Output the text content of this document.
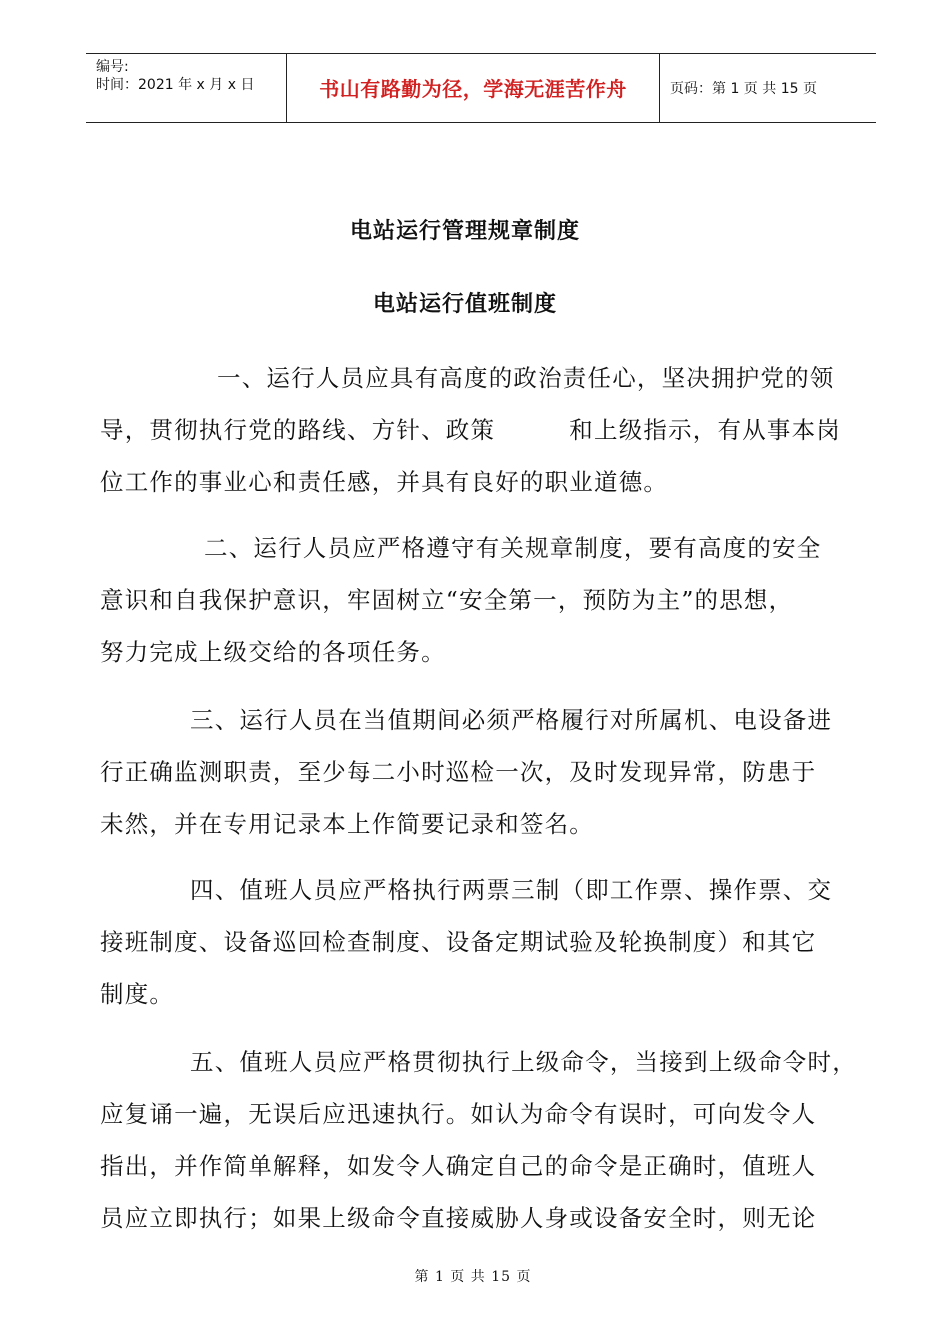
编号:
时间：2021 年 x 月 x 日	书山有路勤为径，学海无涯苦作舟	页码：第 1 页 共 15 页
电站运行管理规章制度
电站运行值班制度
一、运行人员应具有高度的政治责任心，坚决拥护党的领
导，贯彻执行党的路线、方针、政策　　　和上级指示，有从事本岗
位工作的事业心和责任感，并具有良好的职业道德。
二、运行人员应严格遵守有关规章制度，要有高度的安全
意识和自我保护意识，牢固树立“安全第一，预防为主”的思想，
努力完成上级交给的各项任务。
三、运行人员在当值期间必须严格履行对所属机、电设备进
行正确监测职责，至少每二小时巡检一次，及时发现异常，防患于
未然，并在专用记录本上作简要记录和签名。
四、值班人员应严格执行两票三制（即工作票、操作票、交
接班制度、设备巡回检查制度、设备定期试验及轮换制度）和其它
制度。
五、值班人员应严格贯彻执行上级命令，当接到上级命令时，
应复诵一遍，无误后应迅速执行。如认为命令有误时，可向发令人
指出，并作简单解释，如发令人确定自己的命令是正确时，值班人
员应立即执行；如果上级命令直接威胁人身或设备安全时，则无论
第 1 页 共 15 页
